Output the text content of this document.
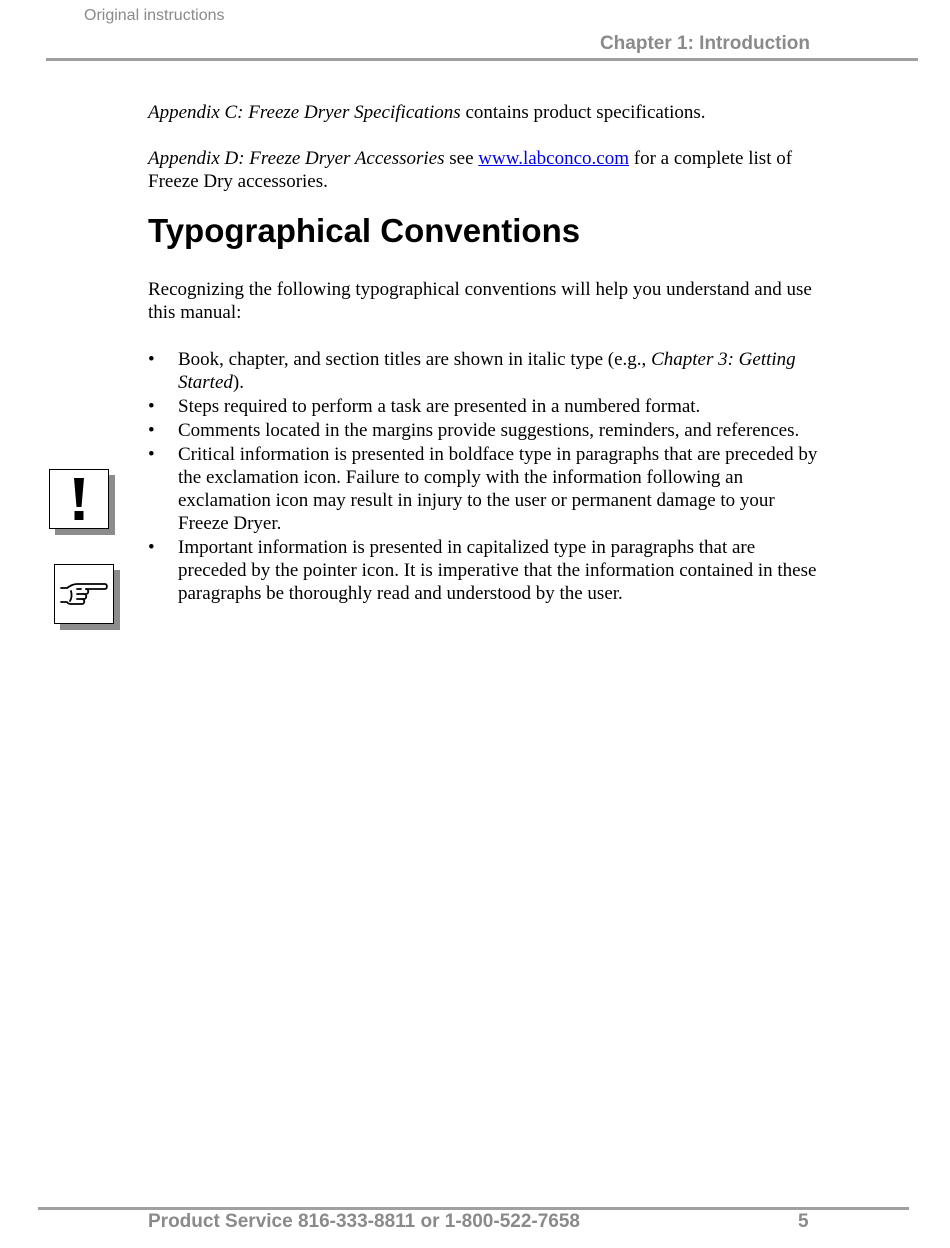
Original instructions
Chapter 1: Introduction

Appendix C: Freeze Dryer Specifications contains product specifications.

Appendix D: Freeze Dryer Accessories see www.labconco.com for a complete list of Freeze Dry accessories.

Typographical Conventions

Recognizing the following typographical conventions will help you understand and use this manual:

• Book, chapter, and section titles are shown in italic type (e.g., Chapter 3: Getting Started).
• Steps required to perform a task are presented in a numbered format.
• Comments located in the margins provide suggestions, reminders, and references.
• Critical information is presented in boldface type in paragraphs that are preceded by the exclamation icon. Failure to comply with the information following an exclamation icon may result in injury to the user or permanent damage to your Freeze Dryer.
• Important information is presented in capitalized type in paragraphs that are preceded by the pointer icon. It is imperative that the information contained in these paragraphs be thoroughly read and understood by the user.
Product Service 816-333-8811 or 1-800-522-7658	5
